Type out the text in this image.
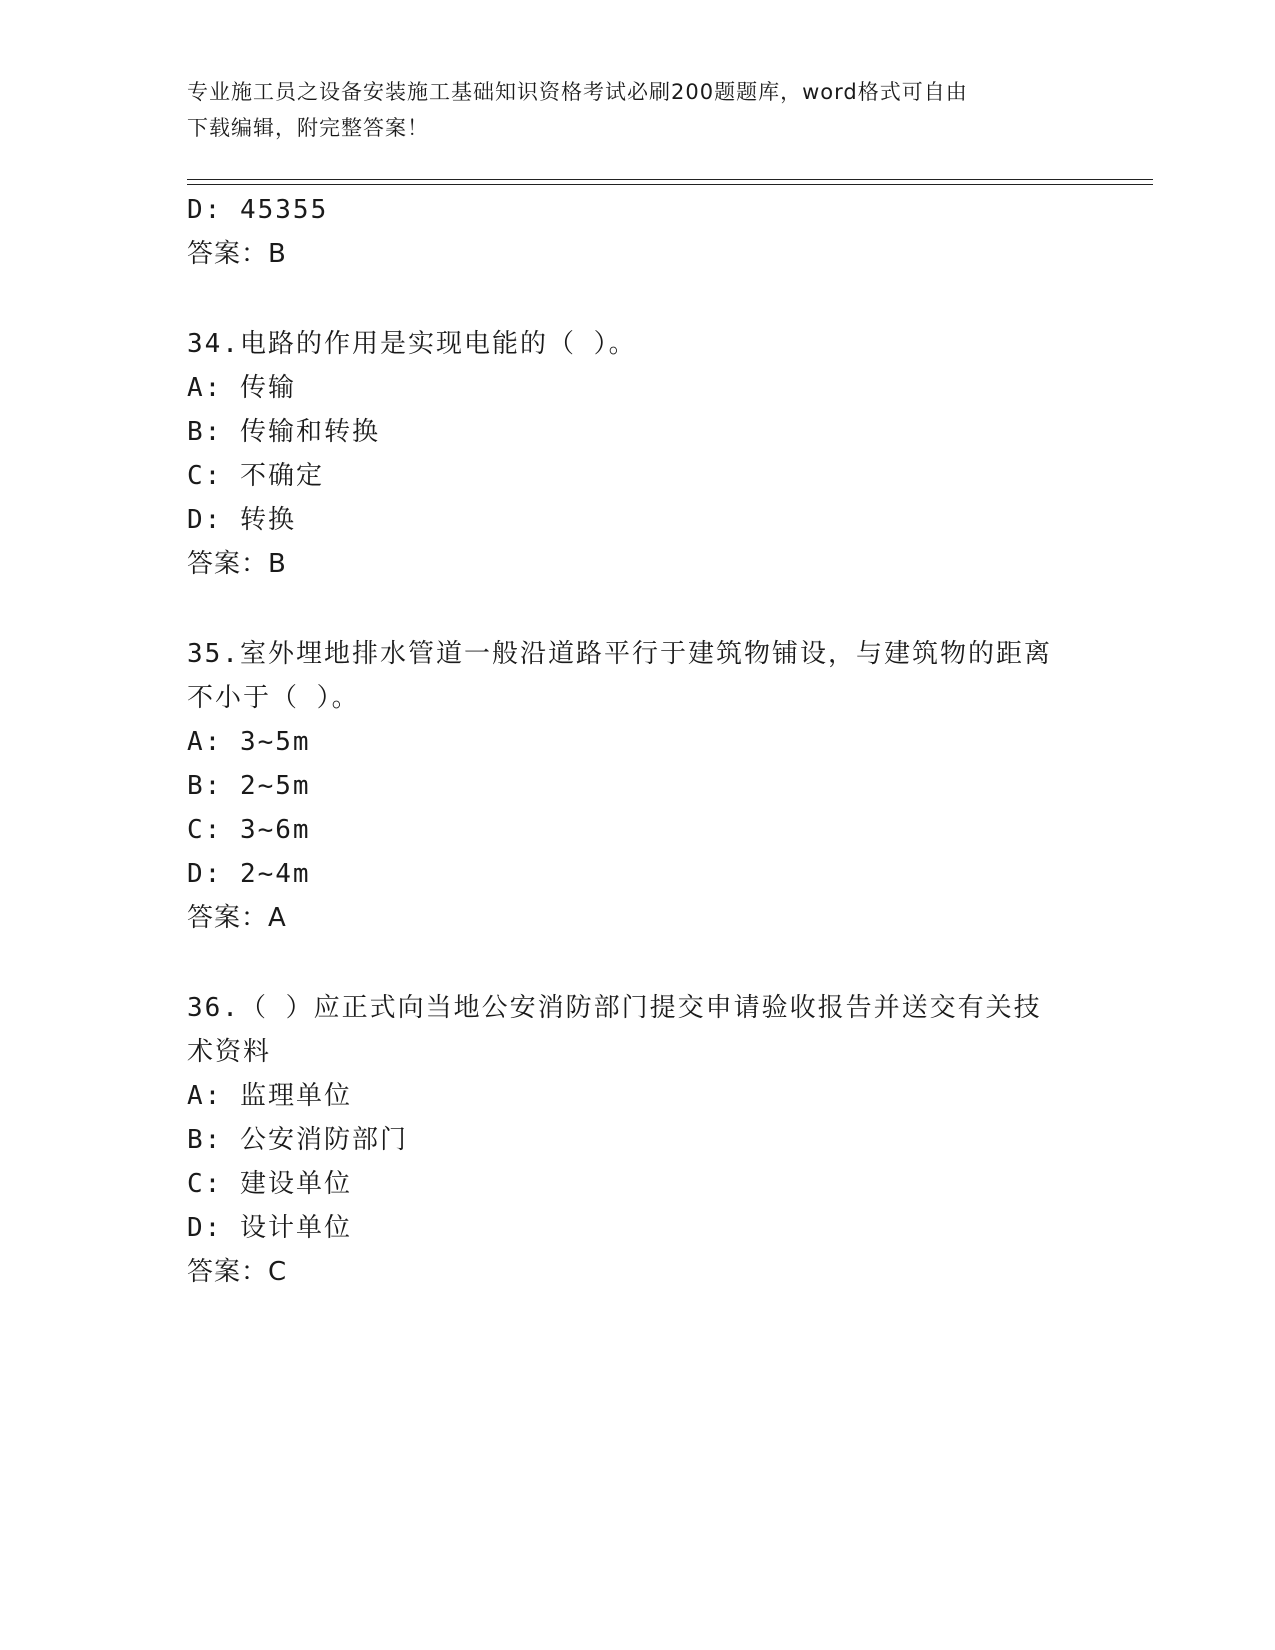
专业施工员之设备安装施工基础知识资格考试必刷200题题库，word格式可自由
下载编辑，附完整答案！
D: 45355
答案：B
34.电路的作用是实现电能的（ ）。
A: 传输
B: 传输和转换
C: 不确定
D: 转换
答案：B
35.室外埋地排水管道一般沿道路平行于建筑物铺设，与建筑物的距离
不小于（ ）。
A: 3~5m
B: 2~5m
C: 3~6m
D: 2~4m
答案：A
36.（ ）应正式向当地公安消防部门提交申请验收报告并送交有关技
术资料
A: 监理单位
B: 公安消防部门
C: 建设单位
D: 设计单位
答案：C
